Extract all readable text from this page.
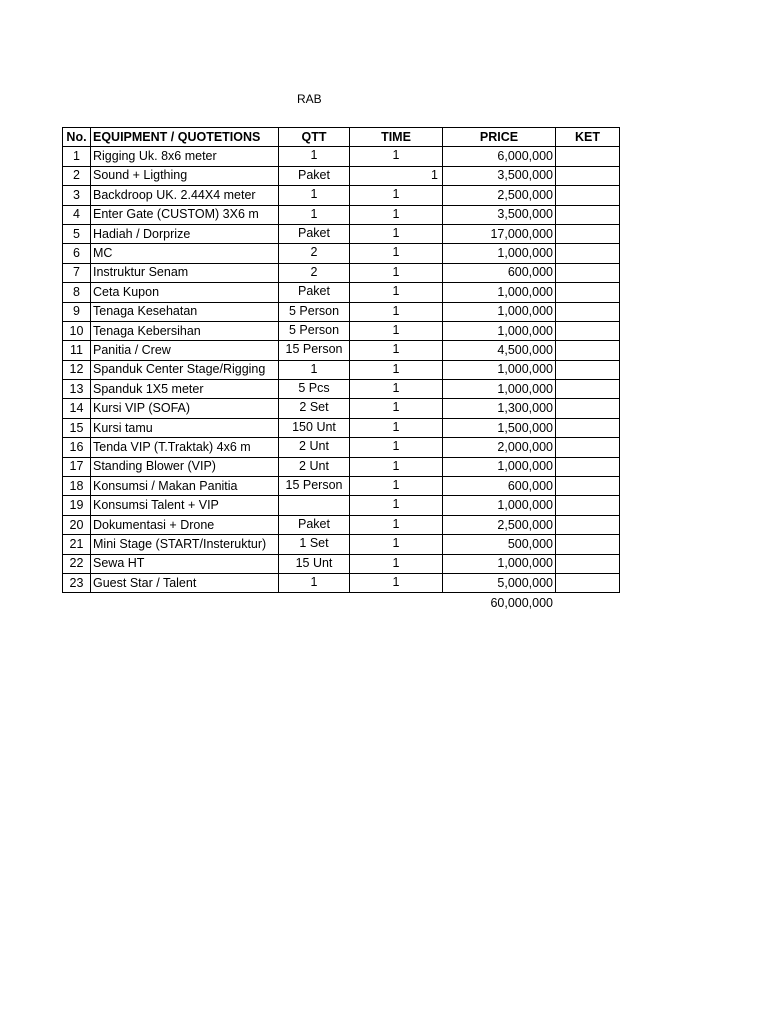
RAB
No.	EQUIPMENT / QUOTETIONS	QTT	TIME	PRICE	KET
1	Rigging Uk. 8x6 meter	1	1	6,000,000	
2	Sound + Ligthing	Paket	1	3,500,000	
3	Backdroop UK. 2.44X4 meter	1	1	2,500,000	
4	Enter Gate (CUSTOM) 3X6 m	1	1	3,500,000	
5	Hadiah / Dorprize	Paket	1	17,000,000	
6	MC	2	1	1,000,000	
7	Instruktur Senam	2	1	600,000	
8	Ceta Kupon	Paket	1	1,000,000	
9	Tenaga Kesehatan	5 Person	1	1,000,000	
10	Tenaga Kebersihan	5 Person	1	1,000,000	
11	Panitia / Crew	15 Person	1	4,500,000	
12	Spanduk Center Stage/Rigging	1	1	1,000,000	
13	Spanduk 1X5 meter	5 Pcs	1	1,000,000	
14	Kursi VIP (SOFA)	2 Set	1	1,300,000	
15	Kursi tamu	150 Unt	1	1,500,000	
16	Tenda VIP (T.Traktak) 4x6 m	2 Unt	1	2,000,000	
17	Standing Blower (VIP)	2 Unt	1	1,000,000	
18	Konsumsi / Makan Panitia	15 Person	1	600,000	
19	Konsumsi Talent + VIP		1	1,000,000	
20	Dokumentasi + Drone	Paket	1	2,500,000	
21	Mini Stage (START/Insteruktur)	1 Set	1	500,000	
22	Sewa HT	15 Unt	1	1,000,000	
23	Guest Star / Talent	1	1	5,000,000	
60,000,000
